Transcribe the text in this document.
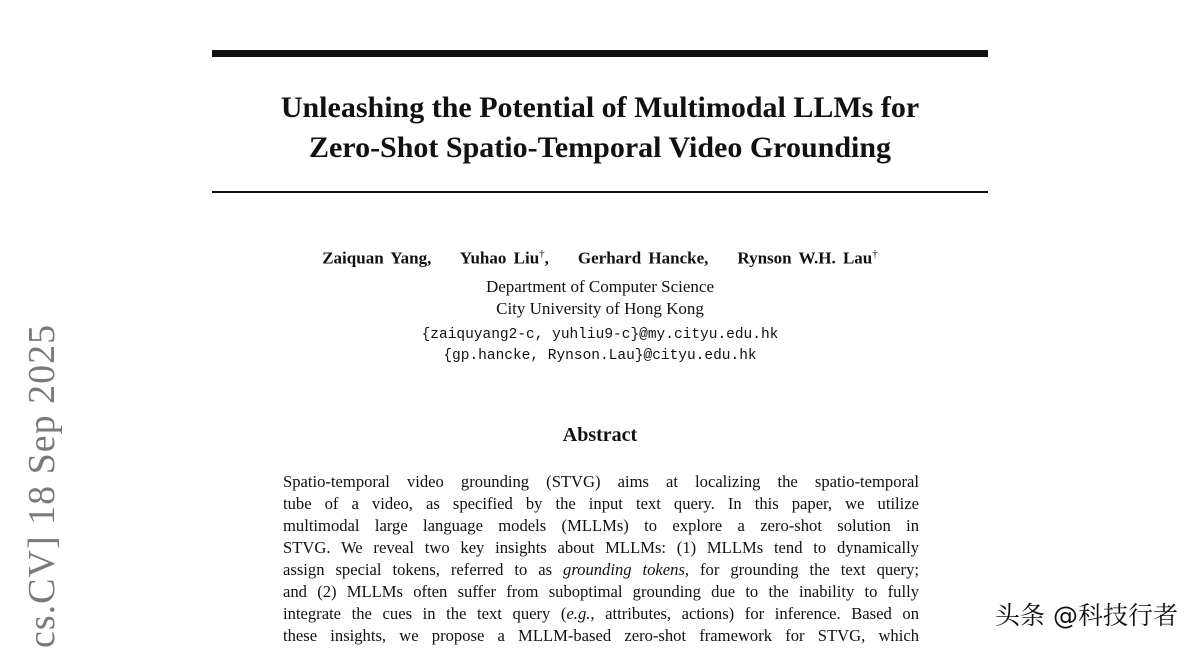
Unleashing the Potential of Multimodal LLMs for
Zero-Shot Spatio-Temporal Video Grounding
Zaiquan Yang, Yuhao Liu†, Gerhard Hancke, Rynson W.H. Lau†
Department of Computer Science
City University of Hong Kong
{zaiquyang2-c, yuhliu9-c}@my.cityu.edu.hk
{gp.hancke, Rynson.Lau}@cityu.edu.hk
Abstract
Spatio-temporal video grounding (STVG) aims at localizing the spatio-temporal
tube of a video, as specified by the input text query. In this paper, we utilize
multimodal large language models (MLLMs) to explore a zero-shot solution in
STVG. We reveal two key insights about MLLMs: (1) MLLMs tend to dynamically
assign special tokens, referred to as grounding tokens, for grounding the text query;
and (2) MLLMs often suffer from suboptimal grounding due to the inability to fully
integrate the cues in the text query (e.g., attributes, actions) for inference. Based on
these insights, we propose a MLLM-based zero-shot framework for STVG, which
cs.CV] 18 Sep 2025	头条 @科技行者
